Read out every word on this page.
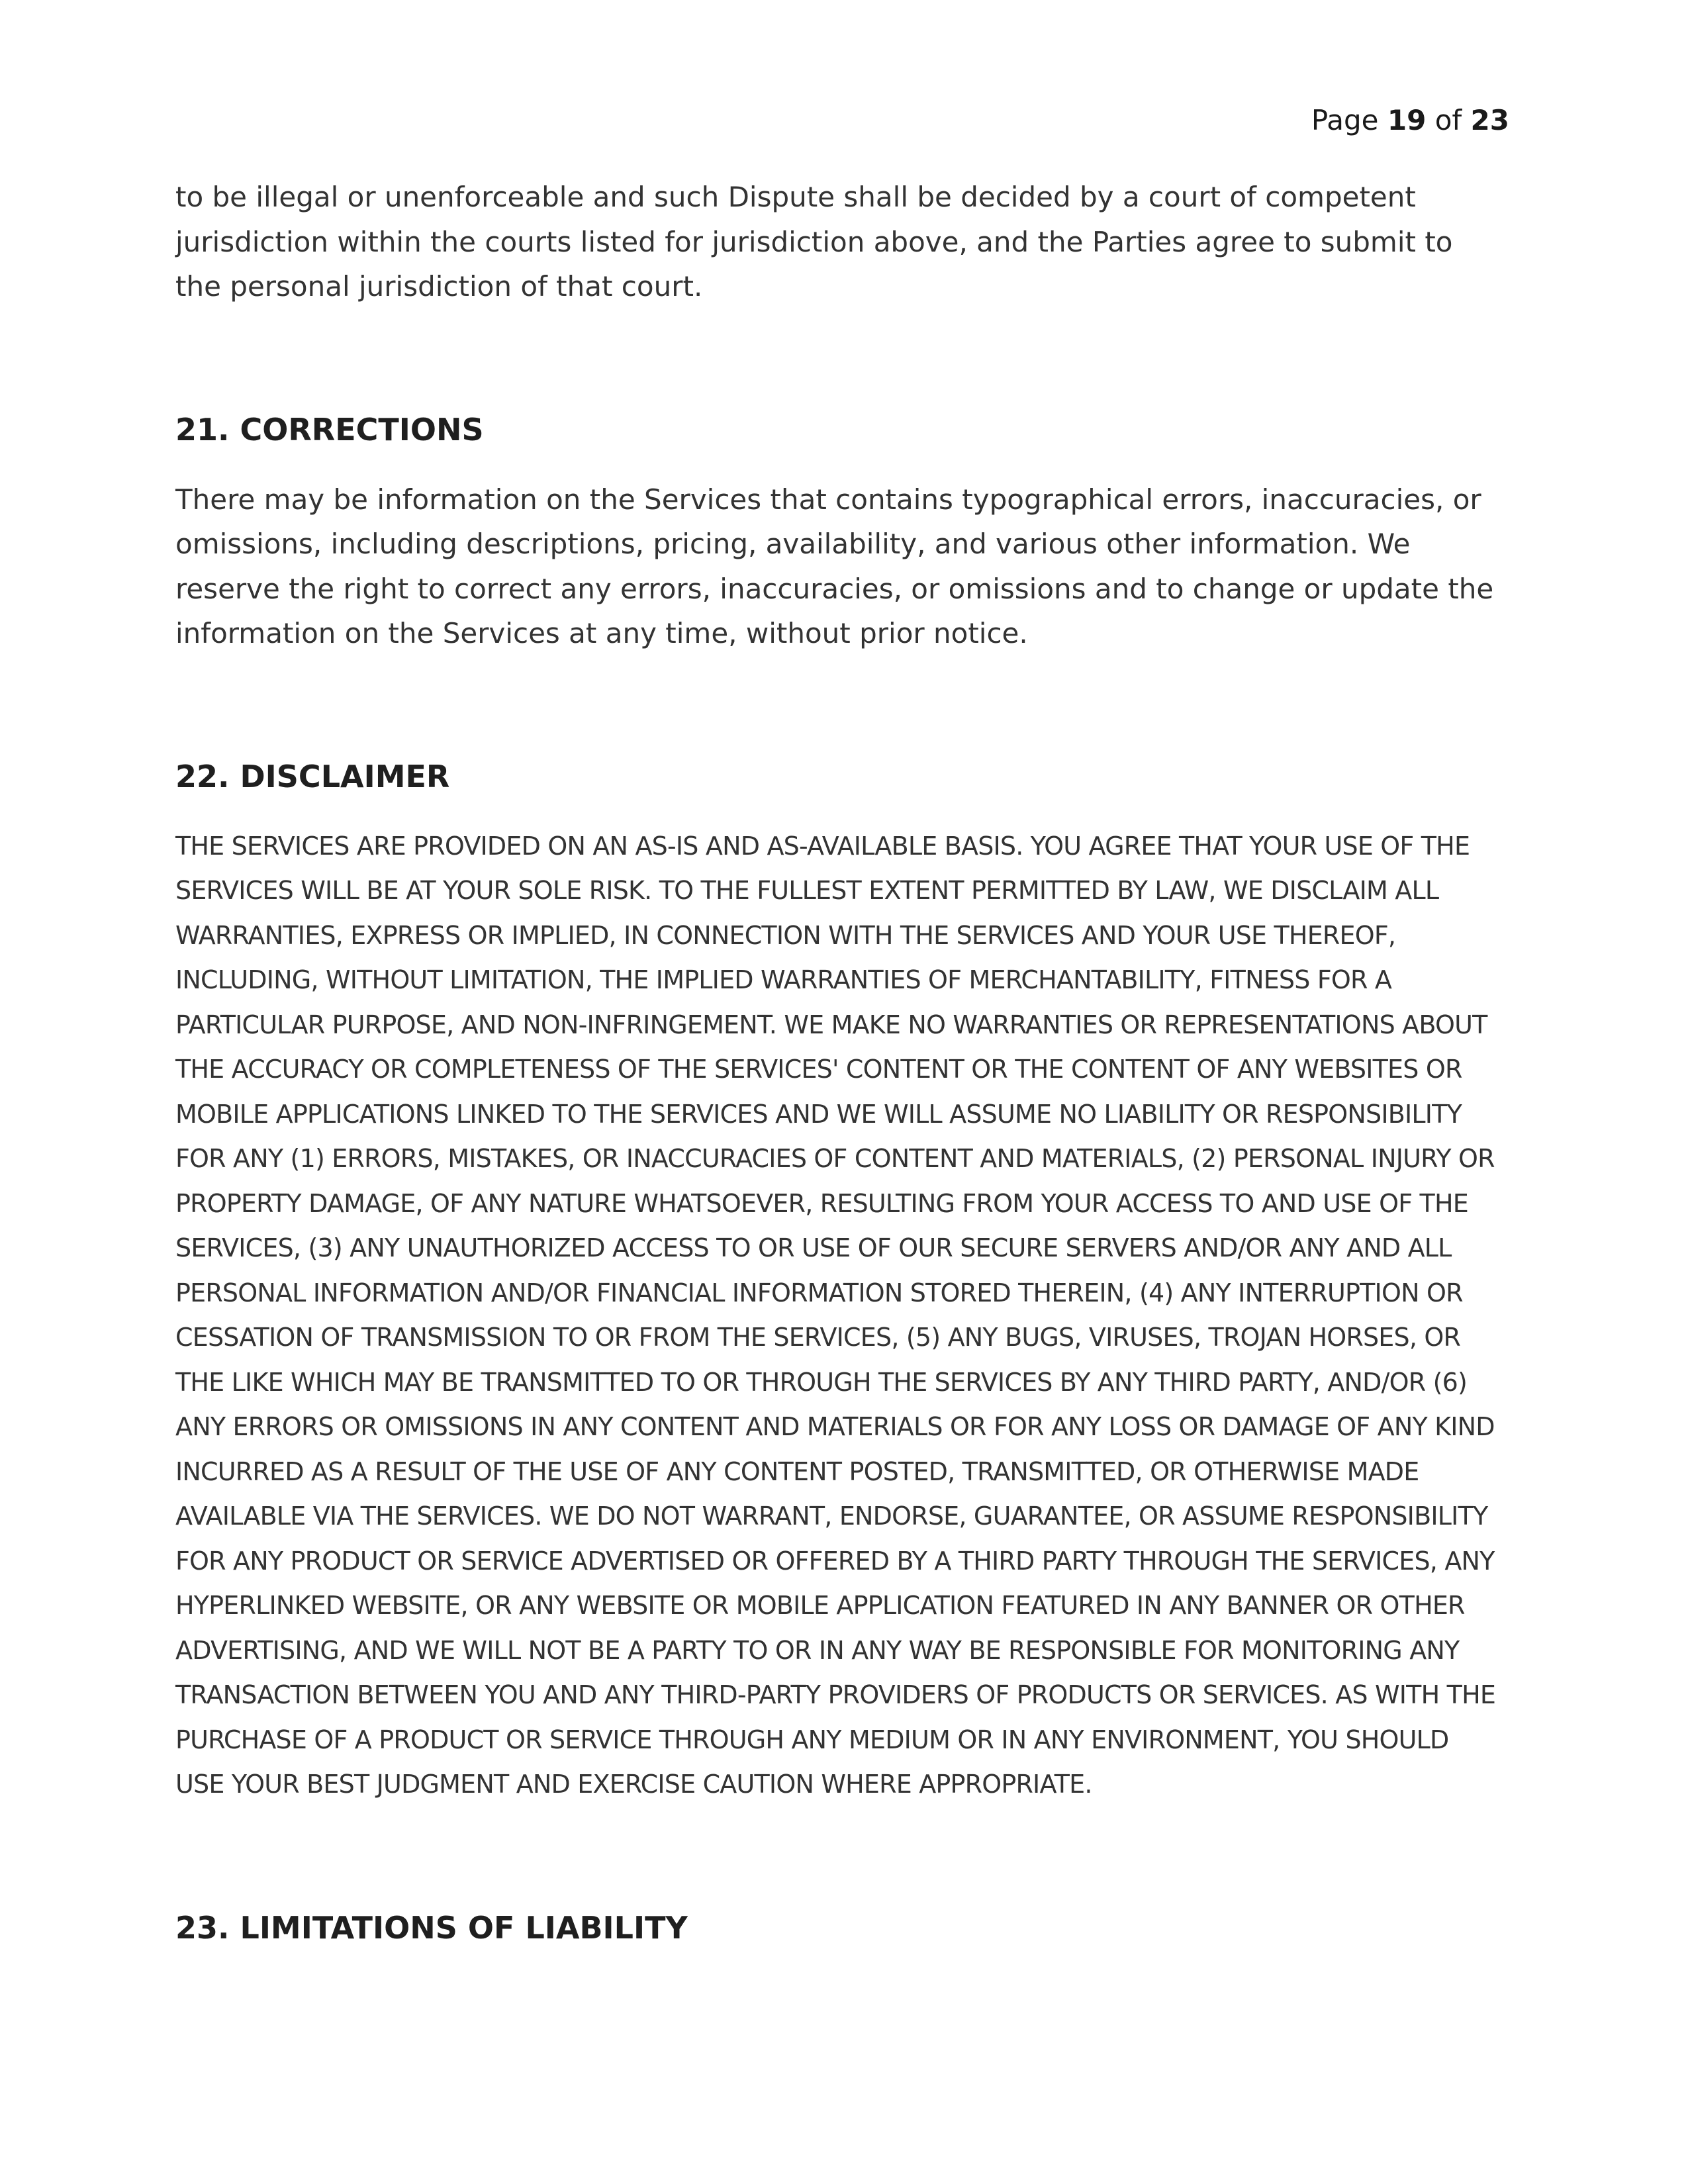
Page 19 of 23

to be illegal or unenforceable and such Dispute shall be decided by a court of competent jurisdiction within the courts listed for jurisdiction above, and the Parties agree to submit to the personal jurisdiction of that court.

21. CORRECTIONS

There may be information on the Services that contains typographical errors, inaccuracies, or omissions, including descriptions, pricing, availability, and various other information. We reserve the right to correct any errors, inaccuracies, or omissions and to change or update the information on the Services at any time, without prior notice.

22. DISCLAIMER

THE SERVICES ARE PROVIDED ON AN AS-IS AND AS-AVAILABLE BASIS. YOU AGREE THAT YOUR USE OF THE SERVICES WILL BE AT YOUR SOLE RISK. TO THE FULLEST EXTENT PERMITTED BY LAW, WE DISCLAIM ALL WARRANTIES, EXPRESS OR IMPLIED, IN CONNECTION WITH THE SERVICES AND YOUR USE THEREOF, INCLUDING, WITHOUT LIMITATION, THE IMPLIED WARRANTIES OF MERCHANTABILITY, FITNESS FOR A PARTICULAR PURPOSE, AND NON-INFRINGEMENT. WE MAKE NO WARRANTIES OR REPRESENTATIONS ABOUT THE ACCURACY OR COMPLETENESS OF THE SERVICES' CONTENT OR THE CONTENT OF ANY WEBSITES OR MOBILE APPLICATIONS LINKED TO THE SERVICES AND WE WILL ASSUME NO LIABILITY OR RESPONSIBILITY FOR ANY (1) ERRORS, MISTAKES, OR INACCURACIES OF CONTENT AND MATERIALS, (2) PERSONAL INJURY OR PROPERTY DAMAGE, OF ANY NATURE WHATSOEVER, RESULTING FROM YOUR ACCESS TO AND USE OF THE SERVICES, (3) ANY UNAUTHORIZED ACCESS TO OR USE OF OUR SECURE SERVERS AND/OR ANY AND ALL PERSONAL INFORMATION AND/OR FINANCIAL INFORMATION STORED THEREIN, (4) ANY INTERRUPTION OR CESSATION OF TRANSMISSION TO OR FROM THE SERVICES, (5) ANY BUGS, VIRUSES, TROJAN HORSES, OR THE LIKE WHICH MAY BE TRANSMITTED TO OR THROUGH THE SERVICES BY ANY THIRD PARTY, AND/OR (6) ANY ERRORS OR OMISSIONS IN ANY CONTENT AND MATERIALS OR FOR ANY LOSS OR DAMAGE OF ANY KIND INCURRED AS A RESULT OF THE USE OF ANY CONTENT POSTED, TRANSMITTED, OR OTHERWISE MADE AVAILABLE VIA THE SERVICES. WE DO NOT WARRANT, ENDORSE, GUARANTEE, OR ASSUME RESPONSIBILITY FOR ANY PRODUCT OR SERVICE ADVERTISED OR OFFERED BY A THIRD PARTY THROUGH THE SERVICES, ANY HYPERLINKED WEBSITE, OR ANY WEBSITE OR MOBILE APPLICATION FEATURED IN ANY BANNER OR OTHER ADVERTISING, AND WE WILL NOT BE A PARTY TO OR IN ANY WAY BE RESPONSIBLE FOR MONITORING ANY TRANSACTION BETWEEN YOU AND ANY THIRD-PARTY PROVIDERS OF PRODUCTS OR SERVICES. AS WITH THE PURCHASE OF A PRODUCT OR SERVICE THROUGH ANY MEDIUM OR IN ANY ENVIRONMENT, YOU SHOULD USE YOUR BEST JUDGMENT AND EXERCISE CAUTION WHERE APPROPRIATE.

23. LIMITATIONS OF LIABILITY
